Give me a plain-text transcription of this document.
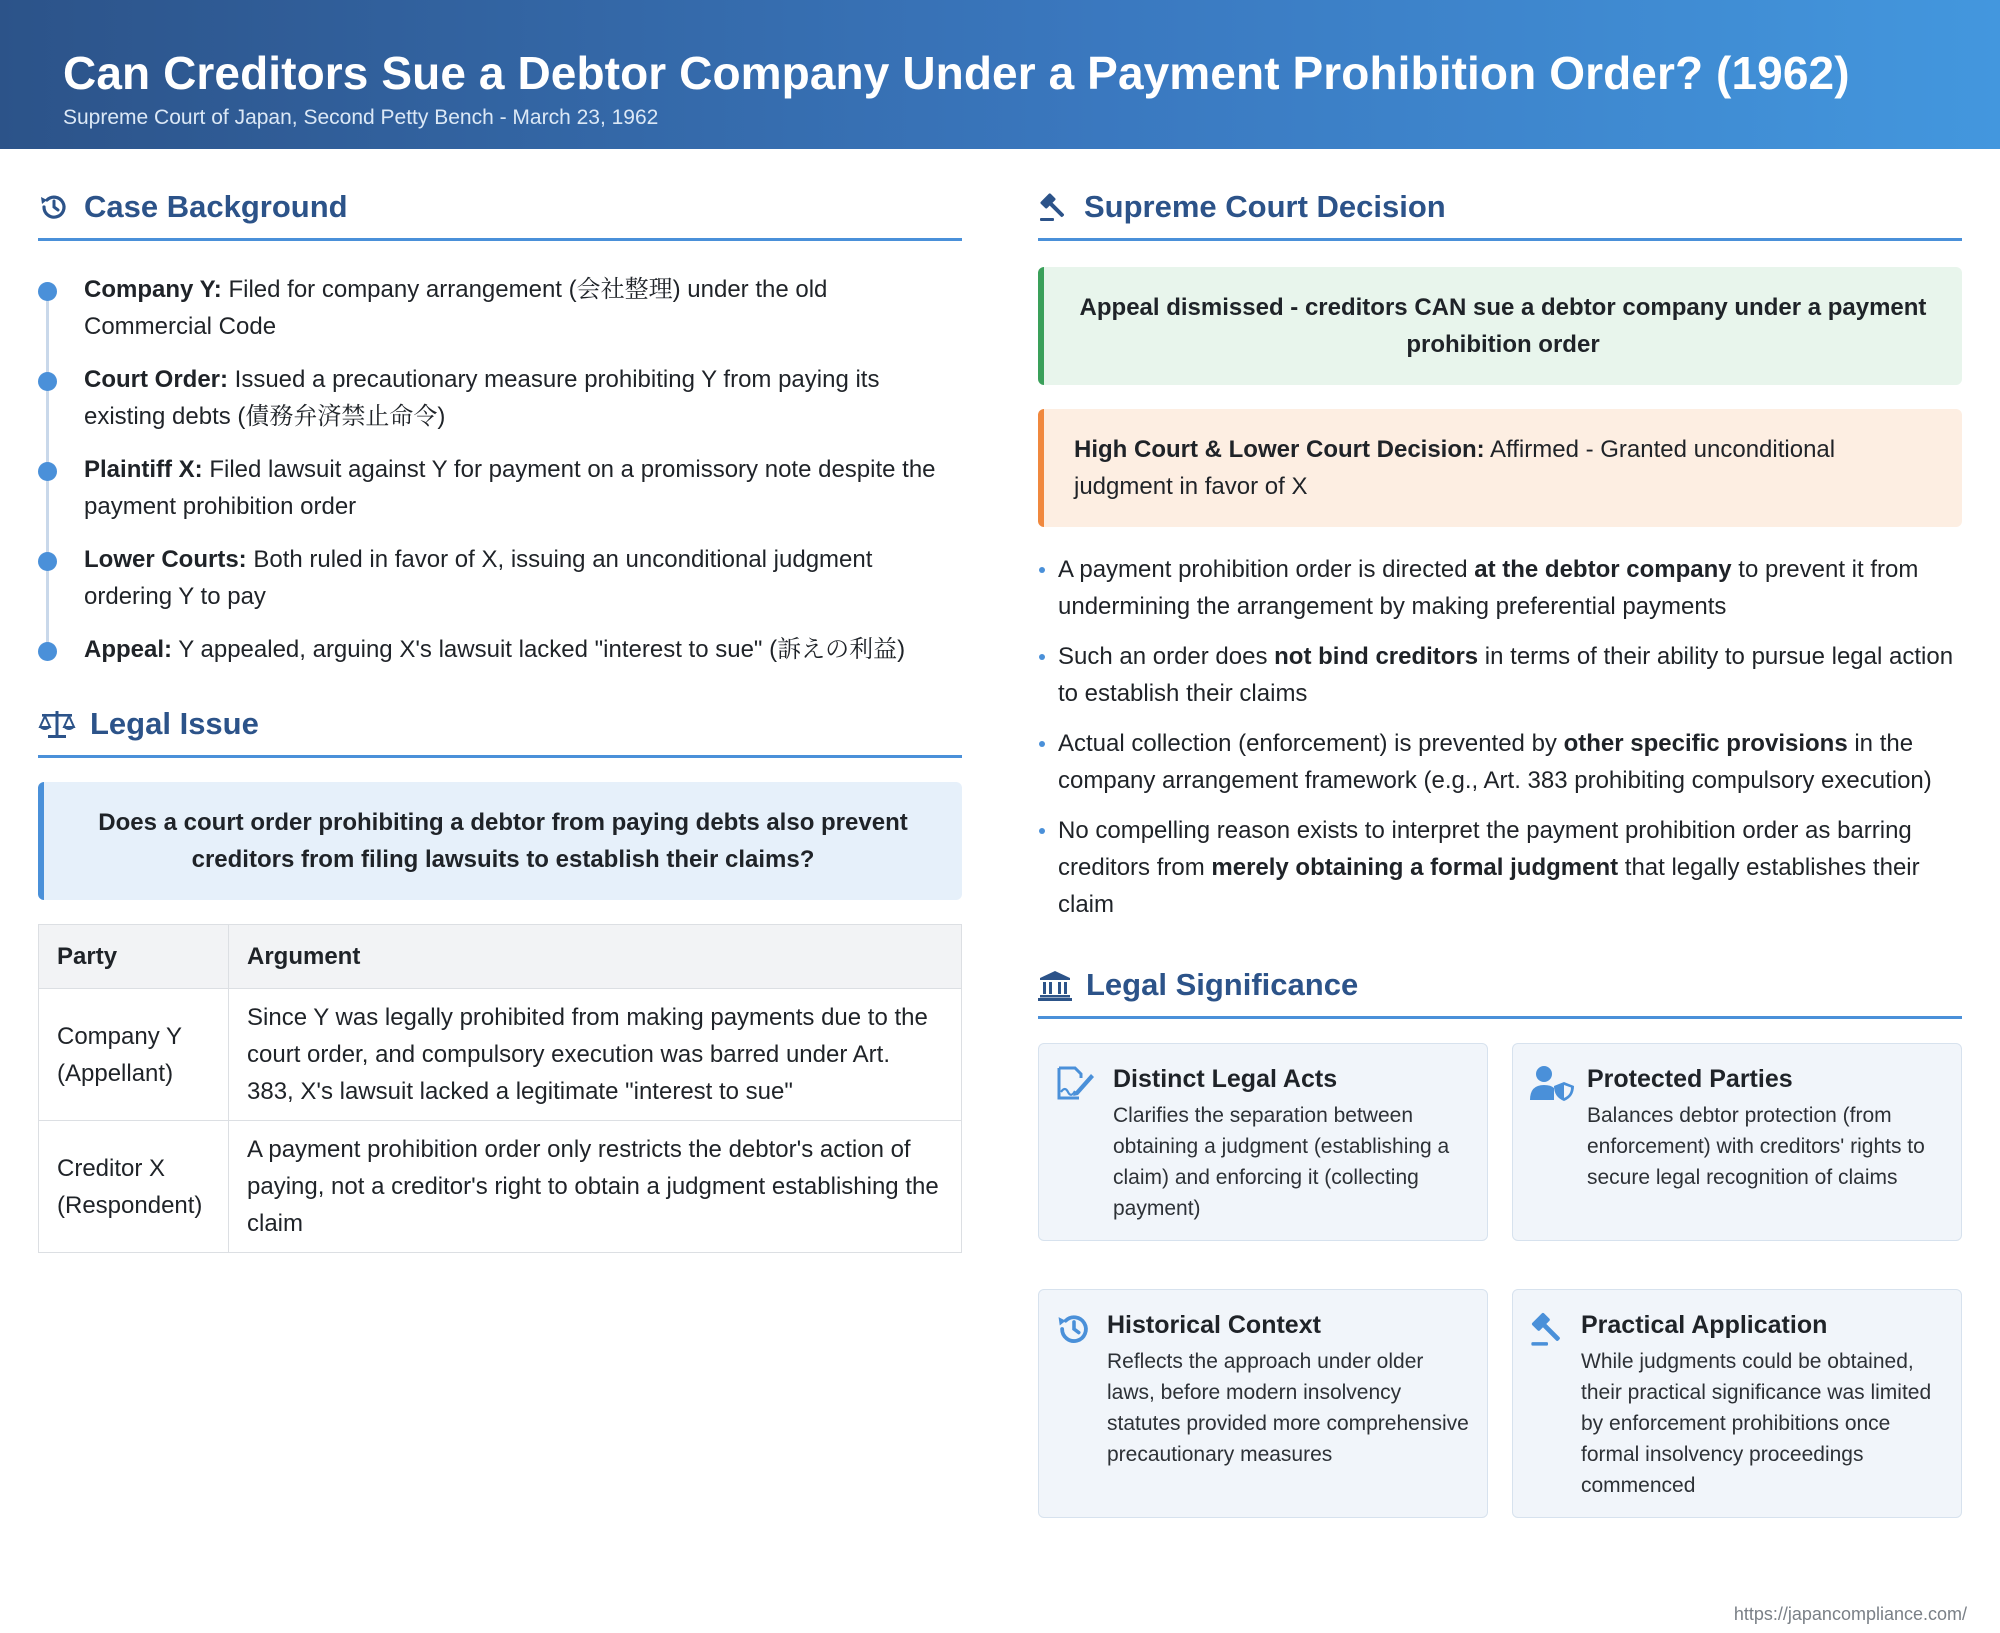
Can Creditors Sue a Debtor Company Under a Payment Prohibition Order? (1962)
Supreme Court of Japan, Second Petty Bench - March 23, 1962
Case Background
Company Y: Filed for company arrangement (会社整理) under the old Commercial Code
Court Order: Issued a precautionary measure prohibiting Y from paying its existing debts (債務弁済禁止命令)
Plaintiff X: Filed lawsuit against Y for payment on a promissory note despite the payment prohibition order
Lower Courts: Both ruled in favor of X, issuing an unconditional judgment ordering Y to pay
Appeal: Y appealed, arguing X's lawsuit lacked "interest to sue" (訴えの利益)
Legal Issue
Does a court order prohibiting a debtor from paying debts also prevent creditors from filing lawsuits to establish their claims?
Party	Argument
Company Y (Appellant)	Since Y was legally prohibited from making payments due to the court order, and compulsory execution was barred under Art. 383, X's lawsuit lacked a legitimate "interest to sue"
Creditor X (Respondent)	A payment prohibition order only restricts the debtor's action of paying, not a creditor's right to obtain a judgment establishing the claim
Supreme Court Decision
Appeal dismissed - creditors CAN sue a debtor company under a payment prohibition order
High Court & Lower Court Decision: Affirmed - Granted unconditional judgment in favor of X
A payment prohibition order is directed at the debtor company to prevent it from undermining the arrangement by making preferential payments
Such an order does not bind creditors in terms of their ability to pursue legal action to establish their claims
Actual collection (enforcement) is prevented by other specific provisions in the company arrangement framework (e.g., Art. 383 prohibiting compulsory execution)
No compelling reason exists to interpret the payment prohibition order as barring creditors from merely obtaining a formal judgment that legally establishes their claim
Legal Significance
Distinct Legal Acts
Clarifies the separation between obtaining a judgment (establishing a claim) and enforcing it (collecting payment)
Protected Parties
Balances debtor protection (from enforcement) with creditors' rights to secure legal recognition of claims
Historical Context
Reflects the approach under older laws, before modern insolvency statutes provided more comprehensive precautionary measures
Practical Application
While judgments could be obtained, their practical significance was limited by enforcement prohibitions once formal insolvency proceedings commenced
https://japancompliance.com/
